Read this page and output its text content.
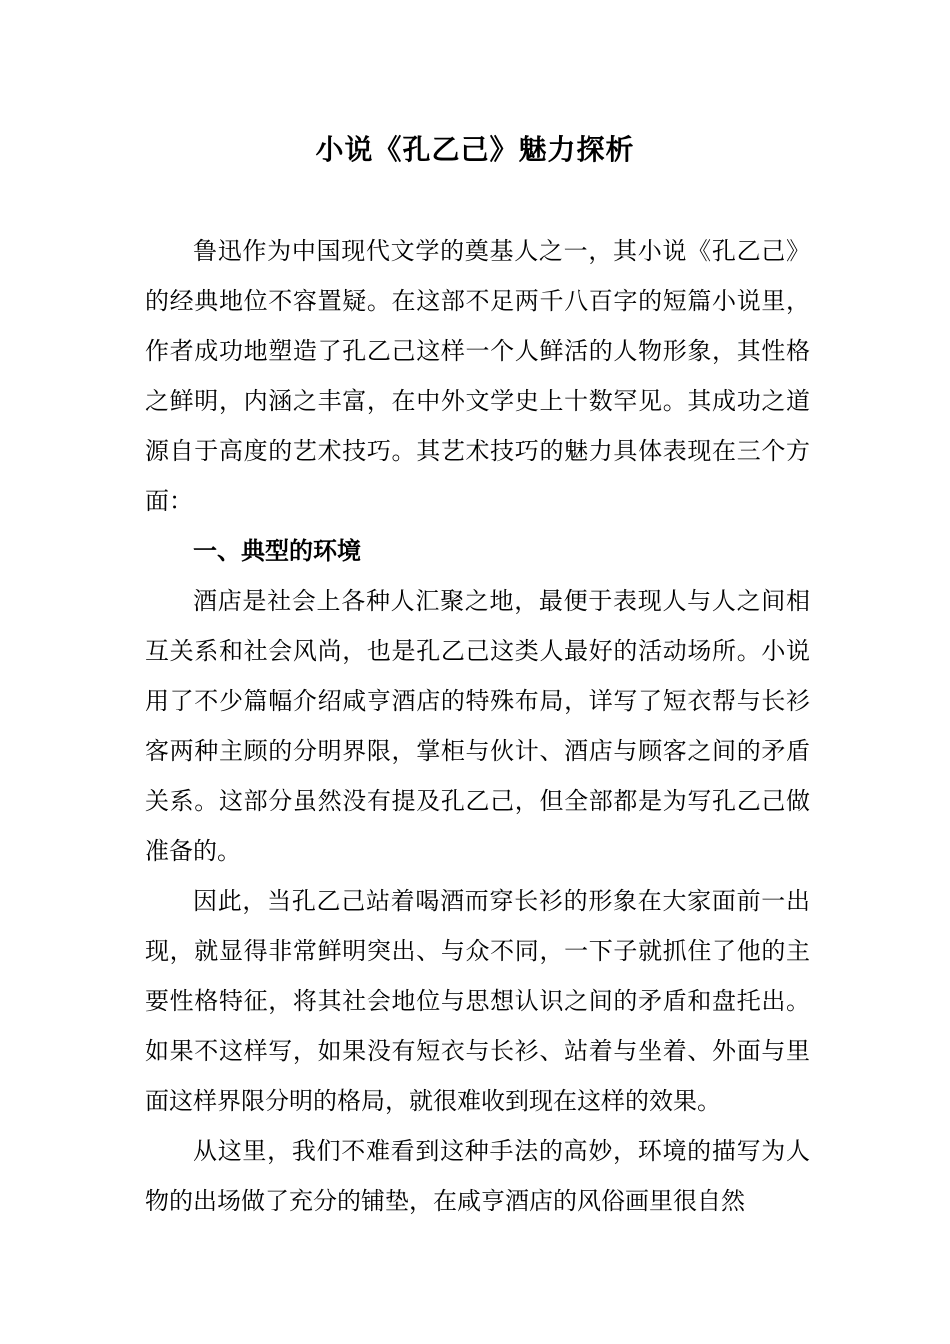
小说《孔乙己》魅力探析

鲁迅作为中国现代文学的奠基人之一，其小说《孔乙己》的经典地位不容置疑。在这部不足两千八百字的短篇小说里，作者成功地塑造了孔乙己这样一个人鲜活的人物形象，其性格之鲜明，内涵之丰富，在中外文学史上十数罕见。其成功之道源自于高度的艺术技巧。其艺术技巧的魅力具体表现在三个方面：

一、典型的环境

酒店是社会上各种人汇聚之地，最便于表现人与人之间相互关系和社会风尚，也是孔乙己这类人最好的活动场所。小说用了不少篇幅介绍咸亨酒店的特殊布局，详写了短衣帮与长衫客两种主顾的分明界限，掌柜与伙计、酒店与顾客之间的矛盾关系。这部分虽然没有提及孔乙己，但全部都是为写孔乙己做准备的。

因此，当孔乙己站着喝酒而穿长衫的形象在大家面前一出现，就显得非常鲜明突出、与众不同，一下子就抓住了他的主要性格特征，将其社会地位与思想认识之间的矛盾和盘托出。如果不这样写，如果没有短衣与长衫、站着与坐着、外面与里面这样界限分明的格局，就很难收到现在这样的效果。

从这里，我们不难看到这种手法的高妙，环境的描写为人物的出场做了充分的铺垫，在咸亨酒店的风俗画里很自然
